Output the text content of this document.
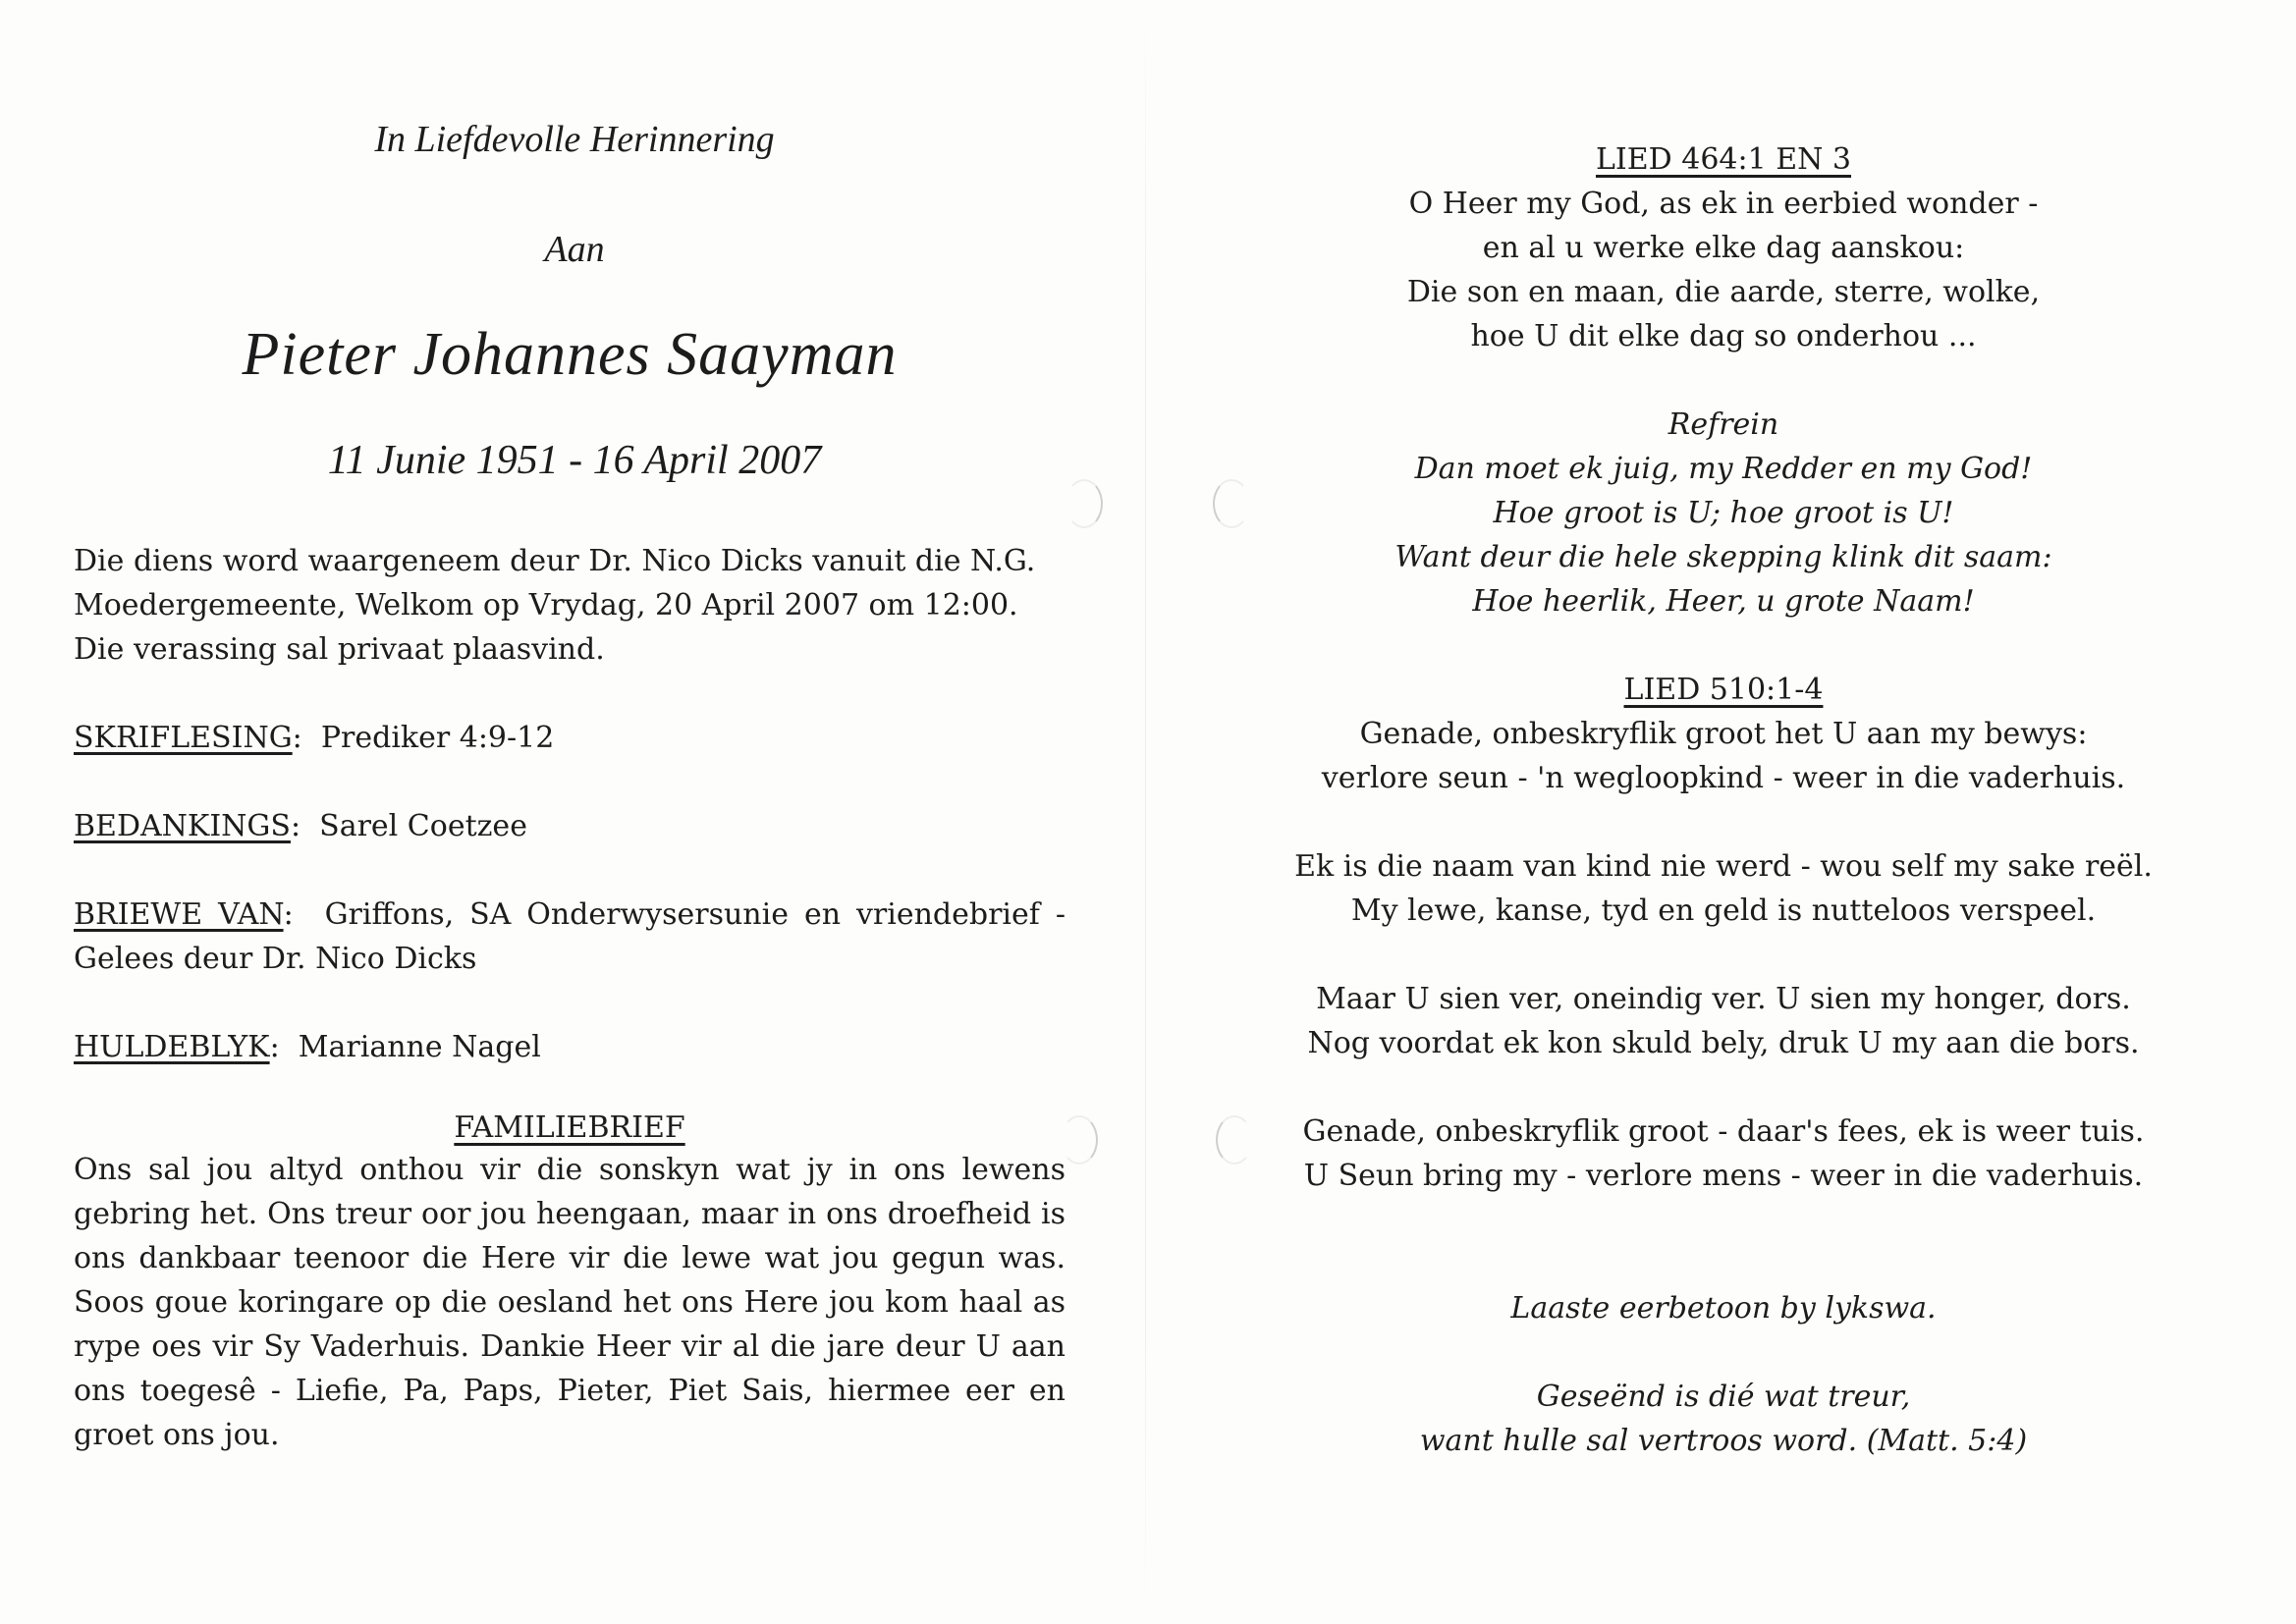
In Liefdevolle Herinnering

Aan
Pieter Johannes Saayman
11 Junie 1951 - 16 April 2007

Die diens word waargeneem deur Dr. Nico Dicks vanuit die N.G.
Moedergemeente, Welkom op Vrydag, 20 April 2007 om 12:00.
Die verassing sal privaat plaasvind.

SKRIFLESING:  Prediker 4:9-12
BEDANKINGS:  Sarel Coetzee
BRIEWE VAN:  Griffons, SA Onderwysersunie en vriendebrief - Gelees deur Dr. Nico Dicks
HULDEBLYK:  Marianne Nagel
FAMILIEBRIEF

Ons sal jou altyd onthou vir die sonskyn wat jy in ons lewens gebring het. Ons treur oor jou heengaan, maar in ons droefheid is ons dankbaar teenoor die Here vir die lewe wat jou gegun was. Soos goue koringare op die oesland het ons Here jou kom haal as rype oes vir Sy Vaderhuis. Dankie Heer vir al die jare deur U aan ons toegesê - Liefie, Pa, Paps, Pieter, Piet Sais, hiermee eer en groet ons jou.

LIED 464:1 EN 3

O Heer my God, as ek in eerbied wonder -
en al u werke elke dag aanskou:
Die son en maan, die aarde, sterre, wolke,
hoe U dit elke dag so onderhou ...

Refrein
Dan moet ek juig, my Redder en my God!
Hoe groot is U; hoe groot is U!
Want deur die hele skepping klink dit saam:
Hoe heerlik, Heer, u grote Naam!

LIED 510:1-4

Genade, onbeskryflik groot het U aan my bewys:
verlore seun - 'n wegloopkind - weer in die vaderhuis.

Ek is die naam van kind nie werd - wou self my sake reël.
My lewe, kanse, tyd en geld is nutteloos verspeel.

Maar U sien ver, oneindig ver. U sien my honger, dors.
Nog voordat ek kon skuld bely, druk U my aan die bors.

Genade, onbeskryflik groot - daar's fees, ek is weer tuis.
U Seun bring my - verlore mens - weer in die vaderhuis.

Laaste eerbetoon by lykswa.

Geseënd is dié wat treur,
want hulle sal vertroos word. (Matt. 5:4)
